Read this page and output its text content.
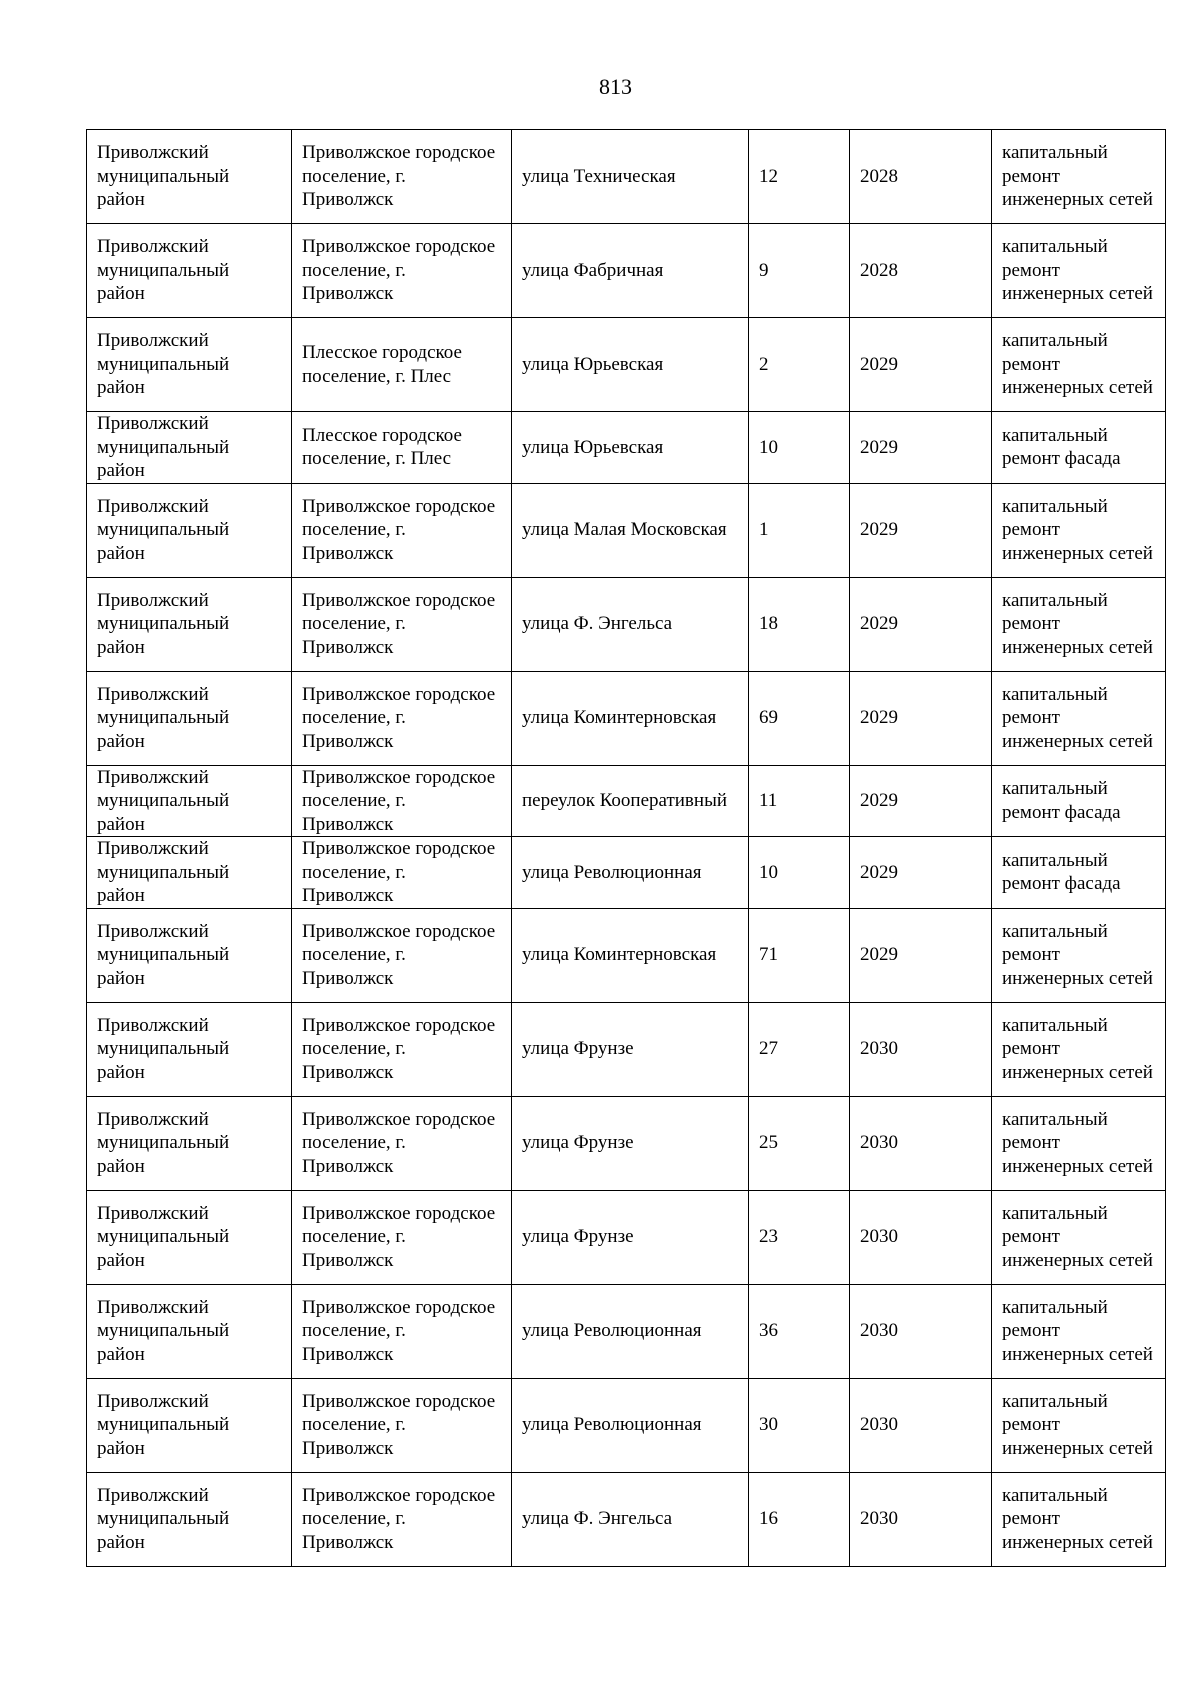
813
Приволжский муниципальный район	Приволжское городское поселение, г. Приволжск	улица Техническая	12	2028	капитальный ремонт инженерных сетей
Приволжский муниципальный район	Приволжское городское поселение, г. Приволжск	улица Фабричная	9	2028	капитальный ремонт инженерных сетей
Приволжский муниципальный район	Плесское городское поселение, г. Плес	улица Юрьевская	2	2029	капитальный ремонт инженерных сетей
Приволжский муниципальный район	Плесское городское поселение, г. Плес	улица Юрьевская	10	2029	капитальный ремонт фасада
Приволжский муниципальный район	Приволжское городское поселение, г. Приволжск	улица Малая Московская	1	2029	капитальный ремонт инженерных сетей
Приволжский муниципальный район	Приволжское городское поселение, г. Приволжск	улица Ф. Энгельса	18	2029	капитальный ремонт инженерных сетей
Приволжский муниципальный район	Приволжское городское поселение, г. Приволжск	улица Коминтерновская	69	2029	капитальный ремонт инженерных сетей
Приволжский муниципальный район	Приволжское городское поселение, г. Приволжск	переулок Кооперативный	11	2029	капитальный ремонт фасада
Приволжский муниципальный район	Приволжское городское поселение, г. Приволжск	улица Революционная	10	2029	капитальный ремонт фасада
Приволжский муниципальный район	Приволжское городское поселение, г. Приволжск	улица Коминтерновская	71	2029	капитальный ремонт инженерных сетей
Приволжский муниципальный район	Приволжское городское поселение, г. Приволжск	улица Фрунзе	27	2030	капитальный ремонт инженерных сетей
Приволжский муниципальный район	Приволжское городское поселение, г. Приволжск	улица Фрунзе	25	2030	капитальный ремонт инженерных сетей
Приволжский муниципальный район	Приволжское городское поселение, г. Приволжск	улица Фрунзе	23	2030	капитальный ремонт инженерных сетей
Приволжский муниципальный район	Приволжское городское поселение, г. Приволжск	улица Революционная	36	2030	капитальный ремонт инженерных сетей
Приволжский муниципальный район	Приволжское городское поселение, г. Приволжск	улица Революционная	30	2030	капитальный ремонт инженерных сетей
Приволжский муниципальный район	Приволжское городское поселение, г. Приволжск	улица Ф. Энгельса	16	2030	капитальный ремонт инженерных сетей
